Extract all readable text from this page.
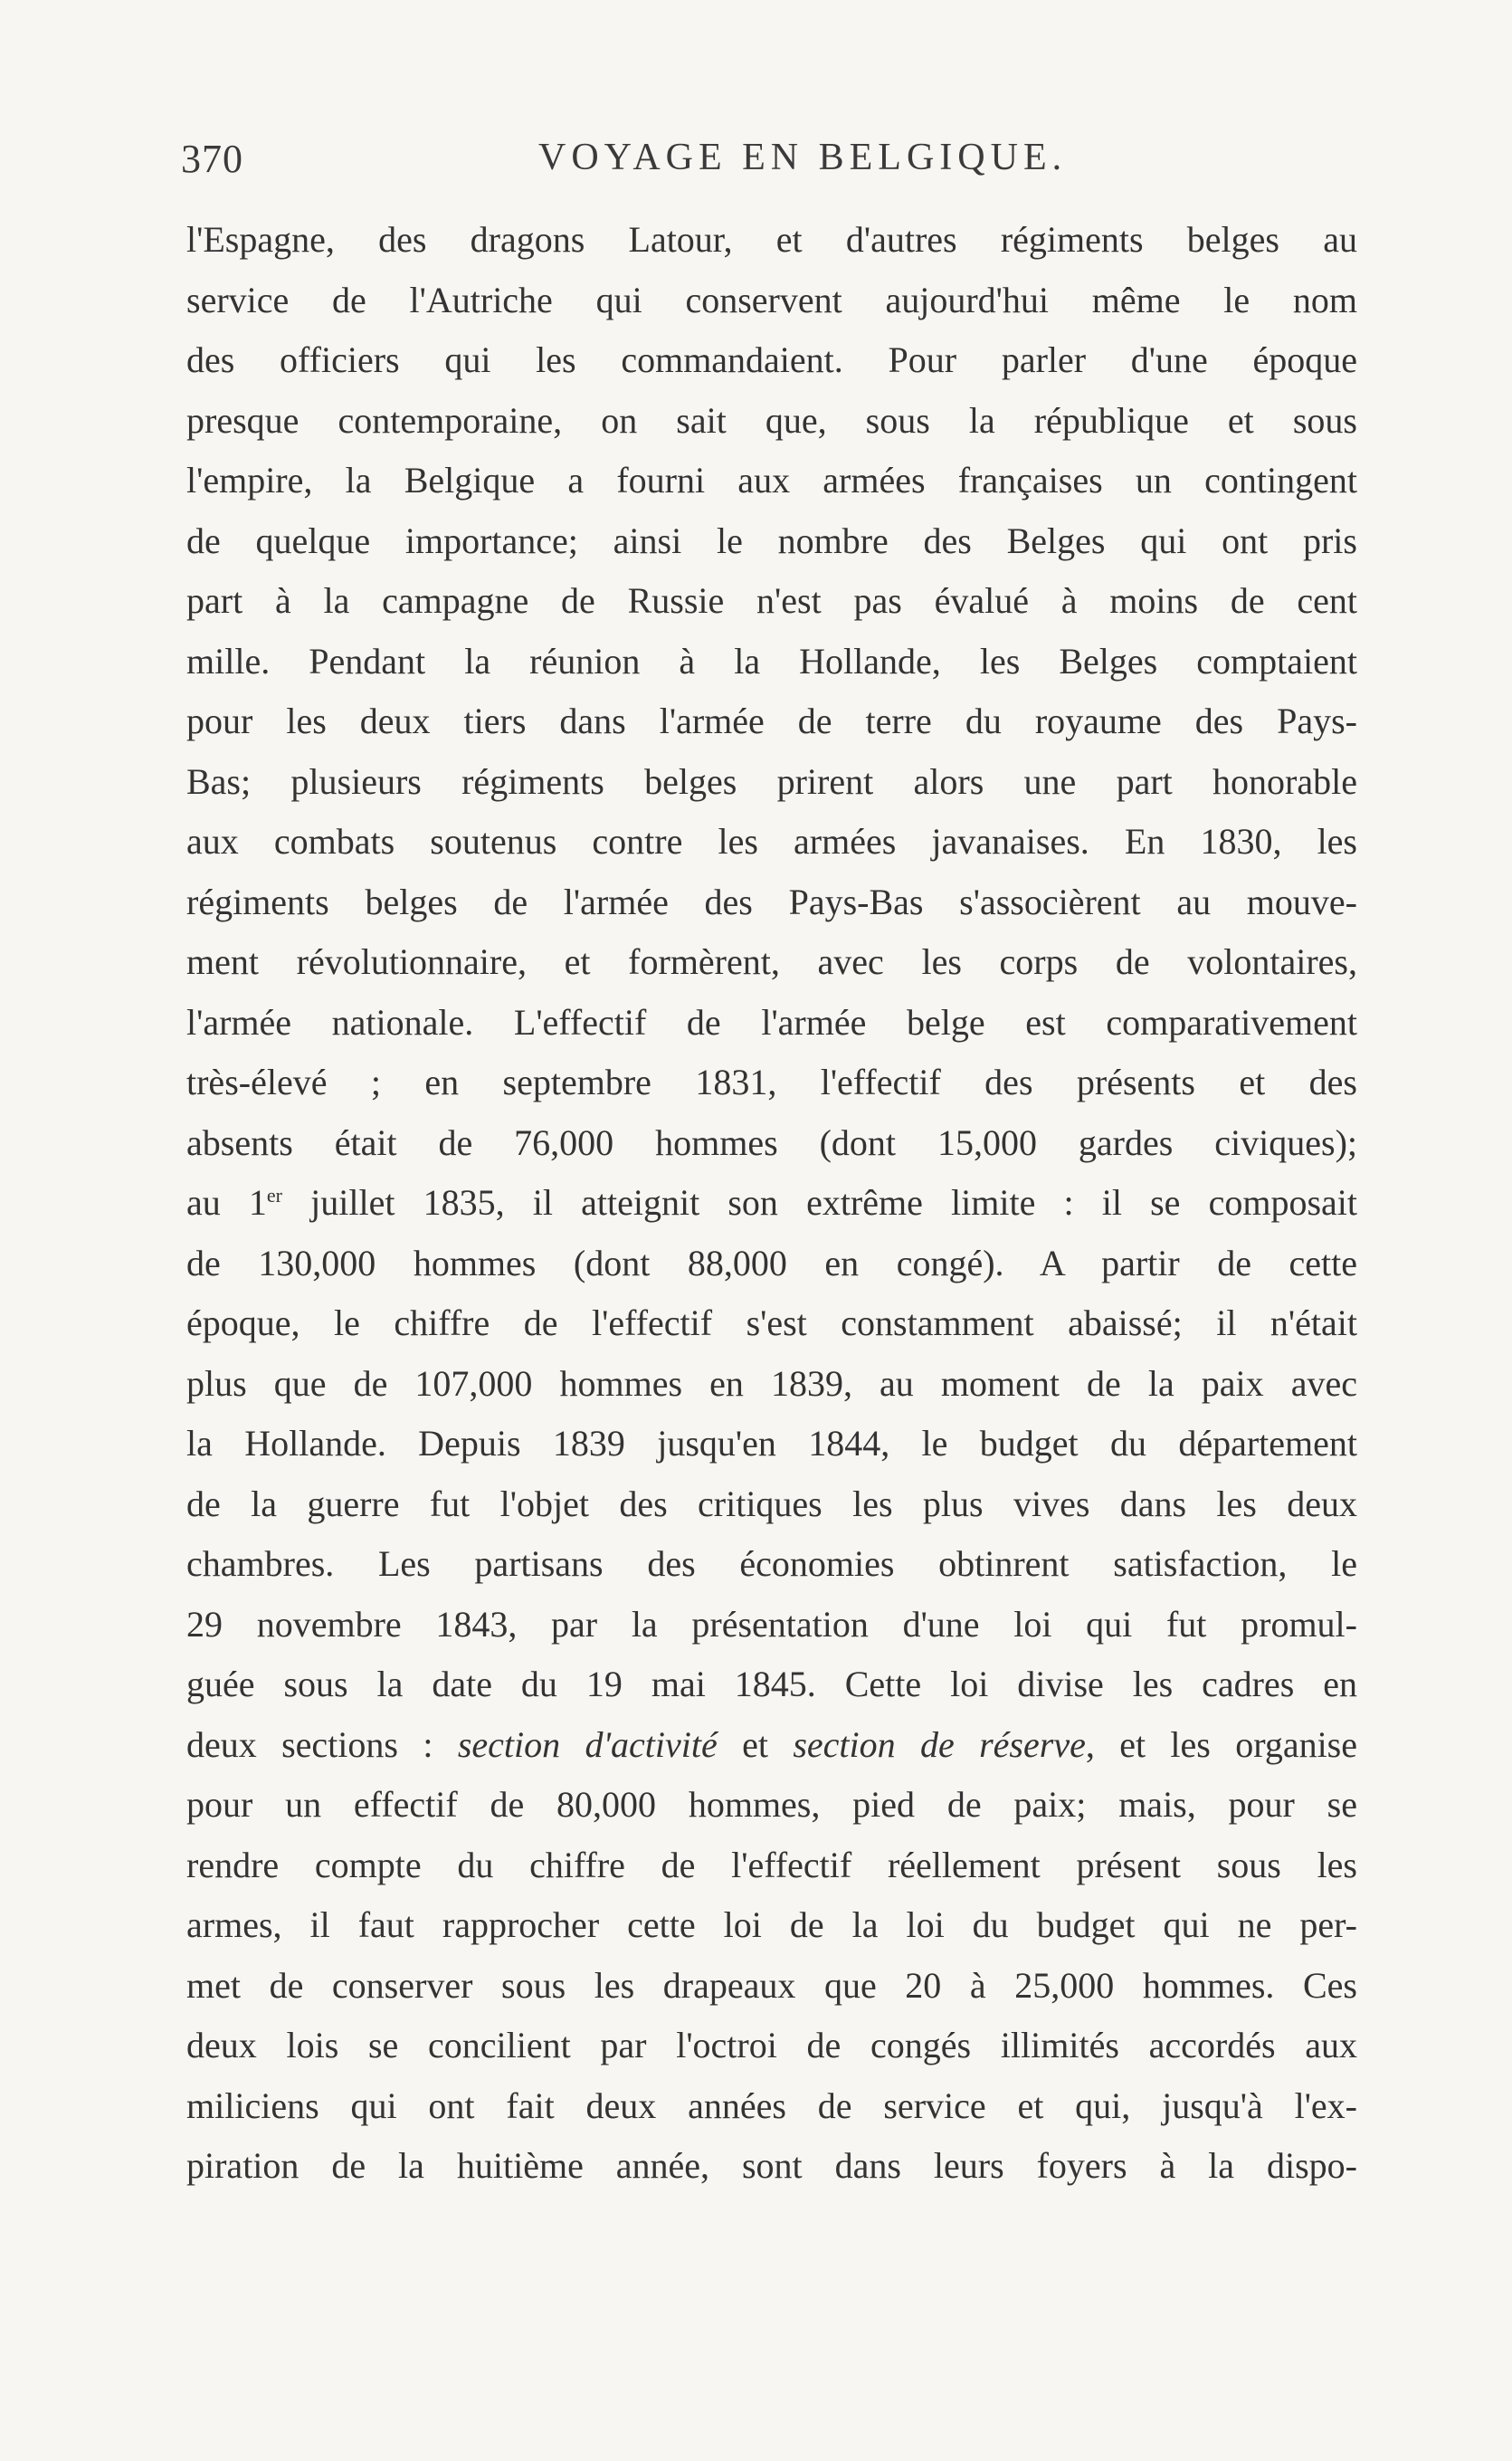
370	VOYAGE EN BELGIQUE.
l'Espagne, des dragons Latour, et d'autres régiments belges au
service de l'Autriche qui conservent aujourd'hui même le nom
des officiers qui les commandaient. Pour parler d'une époque
presque contemporaine, on sait que, sous la république et sous
l'empire, la Belgique a fourni aux armées françaises un contingent
de quelque importance; ainsi le nombre des Belges qui ont pris
part à la campagne de Russie n'est pas évalué à moins de cent
mille. Pendant la réunion à la Hollande, les Belges comptaient
pour les deux tiers dans l'armée de terre du royaume des Pays-
Bas; plusieurs régiments belges prirent alors une part honorable
aux combats soutenus contre les armées javanaises. En 1830, les
régiments belges de l'armée des Pays-Bas s'associèrent au mouve-
ment révolutionnaire, et formèrent, avec les corps de volontaires,
l'armée nationale. L'effectif de l'armée belge est comparativement
très-élevé ; en septembre 1831, l'effectif des présents et des
absents était de 76,000 hommes (dont 15,000 gardes civiques);
au 1er juillet 1835, il atteignit son extrême limite : il se composait
de 130,000 hommes (dont 88,000 en congé). A partir de cette
époque, le chiffre de l'effectif s'est constamment abaissé; il n'était
plus que de 107,000 hommes en 1839, au moment de la paix avec
la Hollande. Depuis 1839 jusqu'en 1844, le budget du département
de la guerre fut l'objet des critiques les plus vives dans les deux
chambres. Les partisans des économies obtinrent satisfaction, le
29 novembre 1843, par la présentation d'une loi qui fut promul-
guée sous la date du 19 mai 1845. Cette loi divise les cadres en
deux sections : section d'activité et section de réserve, et les organise
pour un effectif de 80,000 hommes, pied de paix; mais, pour se
rendre compte du chiffre de l'effectif réellement présent sous les
armes, il faut rapprocher cette loi de la loi du budget qui ne per-
met de conserver sous les drapeaux que 20 à 25,000 hommes. Ces
deux lois se concilient par l'octroi de congés illimités accordés aux
miliciens qui ont fait deux années de service et qui, jusqu'à l'ex-
piration de la huitième année, sont dans leurs foyers à la dispo-
